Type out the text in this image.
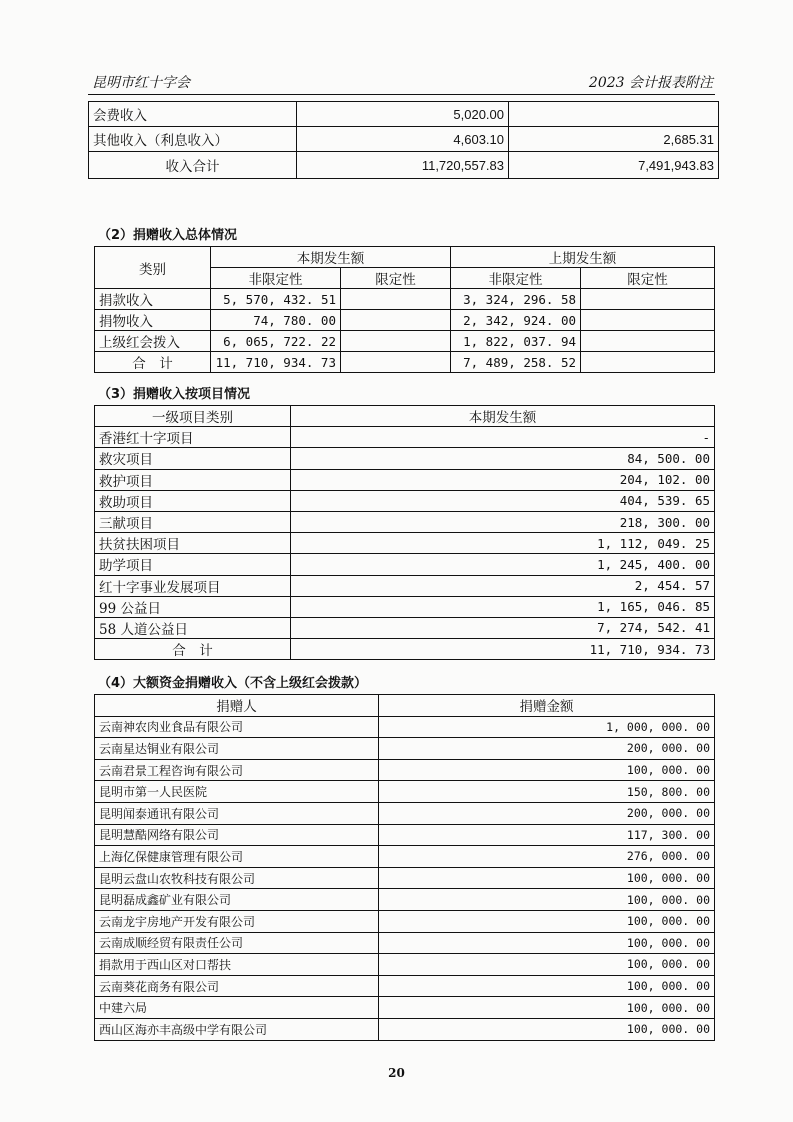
昆明市红十字会	2023 会计报表附注
会费收入	5,020.00	
其他收入（利息收入）	4,603.10	2,685.31
收入合计	11,720,557.83	7,491,943.83
（2）捐赠收入总体情况
类别	本期发生额		上期发生额	
	非限定性	限定性	非限定性	限定性
捐款收入	5, 570, 432. 51		3, 324, 296. 58	
捐物收入	74, 780. 00		2, 342, 924. 00	
上级红会拨入	6, 065, 722. 22		1, 822, 037. 94	
合　计	11, 710, 934. 73		7, 489, 258. 52	
（3）捐赠收入按项目情况
一级项目类别	本期发生额
香港红十字项目	-
救灾项目	84, 500. 00
救护项目	204, 102. 00
救助项目	404, 539. 65
三献项目	218, 300. 00
扶贫扶困项目	1, 112, 049. 25
助学项目	1, 245, 400. 00
红十字事业发展项目	2, 454. 57
99 公益日	1, 165, 046. 85
58 人道公益日	7, 274, 542. 41
合　计	11, 710, 934. 73
（4）大额资金捐赠收入（不含上级红会拨款）
捐赠人	捐赠金额
云南神农肉业食品有限公司	1, 000, 000. 00
云南星达铜业有限公司	200, 000. 00
云南君景工程咨询有限公司	100, 000. 00
昆明市第一人民医院	150, 800. 00
昆明闻泰通讯有限公司	200, 000. 00
昆明慧酷网络有限公司	117, 300. 00
上海亿保健康管理有限公司	276, 000. 00
昆明云盘山农牧科技有限公司	100, 000. 00
昆明磊成鑫矿业有限公司	100, 000. 00
云南龙宇房地产开发有限公司	100, 000. 00
云南成顺经贸有限责任公司	100, 000. 00
捐款用于西山区对口帮扶	100, 000. 00
云南葵花商务有限公司	100, 000. 00
中建六局	100, 000. 00
西山区海亦丰高级中学有限公司	100, 000. 00
20
